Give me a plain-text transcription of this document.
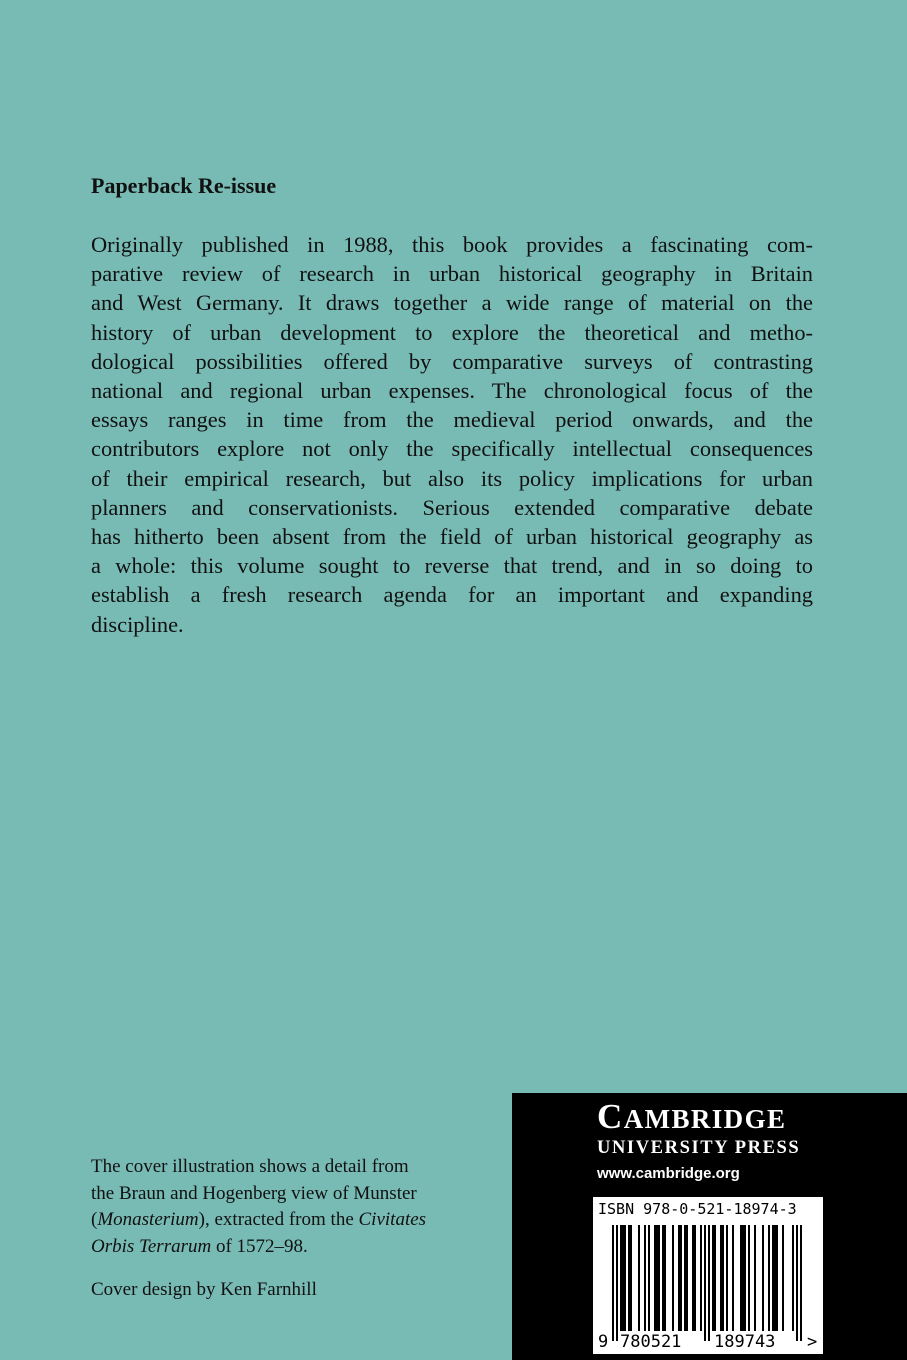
Paperback Re-issue

Originally published in 1988, this book provides a fascinating com-
parative review of research in urban historical geography in Britain
and West Germany. It draws together a wide range of material on the
history of urban development to explore the theoretical and metho-
dological possibilities offered by comparative surveys of contrasting
national and regional urban expenses. The chronological focus of the
essays ranges in time from the medieval period onwards, and the
contributors explore not only the specifically intellectual consequences
of their empirical research, but also its policy implications for urban
planners and conservationists. Serious extended comparative debate
has hitherto been absent from the field of urban historical geography as
a whole: this volume sought to reverse that trend, and in so doing to
establish a fresh research agenda for an important and expanding
discipline.
The cover illustration shows a detail from
the Braun and Hogenberg view of Munster
(Monasterium), extracted from the Civitates
Orbis Terrarum of 1572–98.

Cover design by Ken Farnhill

CAMBRIDGE
UNIVERSITY PRESS
www.cambridge.org
9 780521 189743 >
ISBN 978-0-521-18974-3
